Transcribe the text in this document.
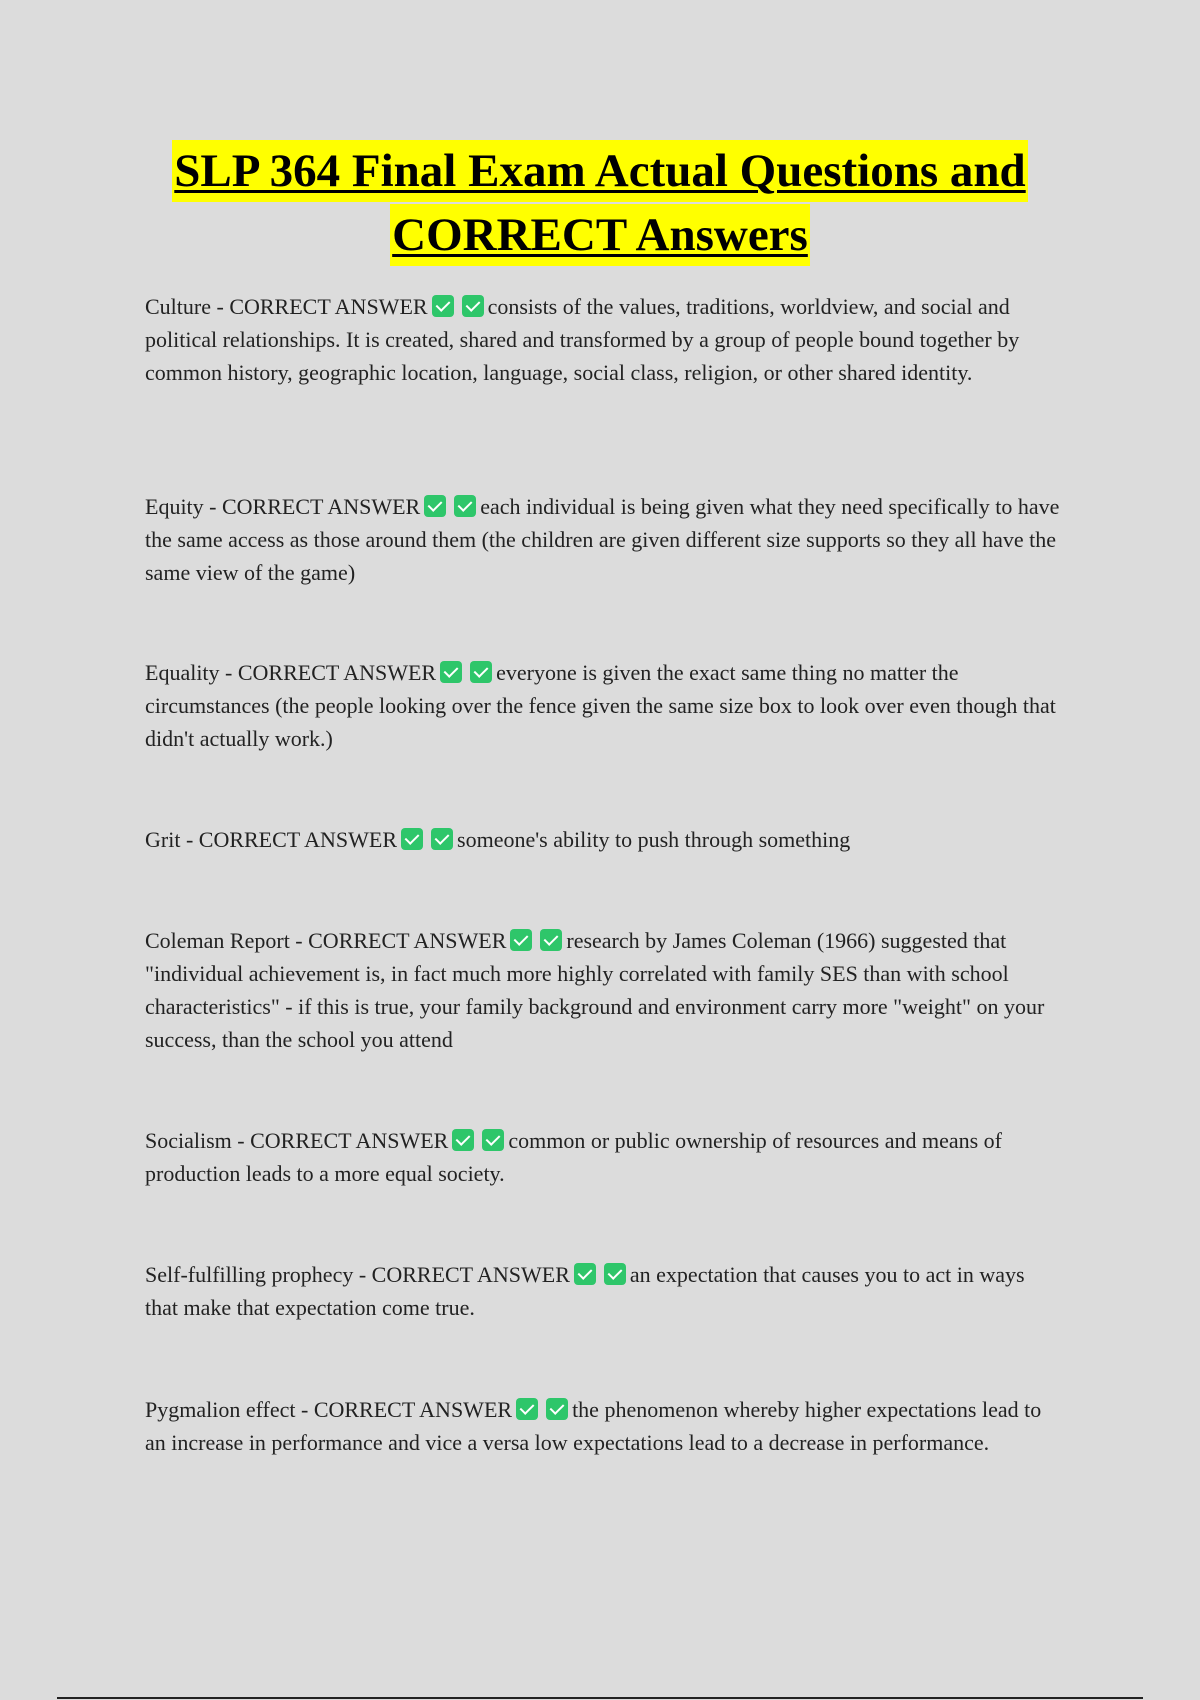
SLP 364 Final Exam Actual Questions and
CORRECT Answers
Culture - CORRECT ANSWER	consists of the values, traditions, worldview, and social and political relationships. It is created, shared and transformed by a group of people bound together by common history, geographic location, language, social class, religion, or other shared identity.
Equity - CORRECT ANSWER	each individual is being given what they need specifically to have the same access as those around them (the children are given different size supports so they all have the same view of the game)
Equality - CORRECT ANSWER	everyone is given the exact same thing no matter the circumstances (the people looking over the fence given the same size box to look over even though that didn't actually work.)
Grit - CORRECT ANSWER	someone's ability to push through something
Coleman Report - CORRECT ANSWER	research by James Coleman (1966) suggested that "individual achievement is, in fact much more highly correlated with family SES than with school characteristics" - if this is true, your family background and environment carry more "weight" on your success, than the school you attend
Socialism - CORRECT ANSWER	common or public ownership of resources and means of production leads to a more equal society.
Self-fulfilling prophecy - CORRECT ANSWER	an expectation that causes you to act in ways that make that expectation come true.
Pygmalion effect - CORRECT ANSWER	the phenomenon whereby higher expectations lead to an increase in performance and vice a versa low expectations lead to a decrease in performance.
